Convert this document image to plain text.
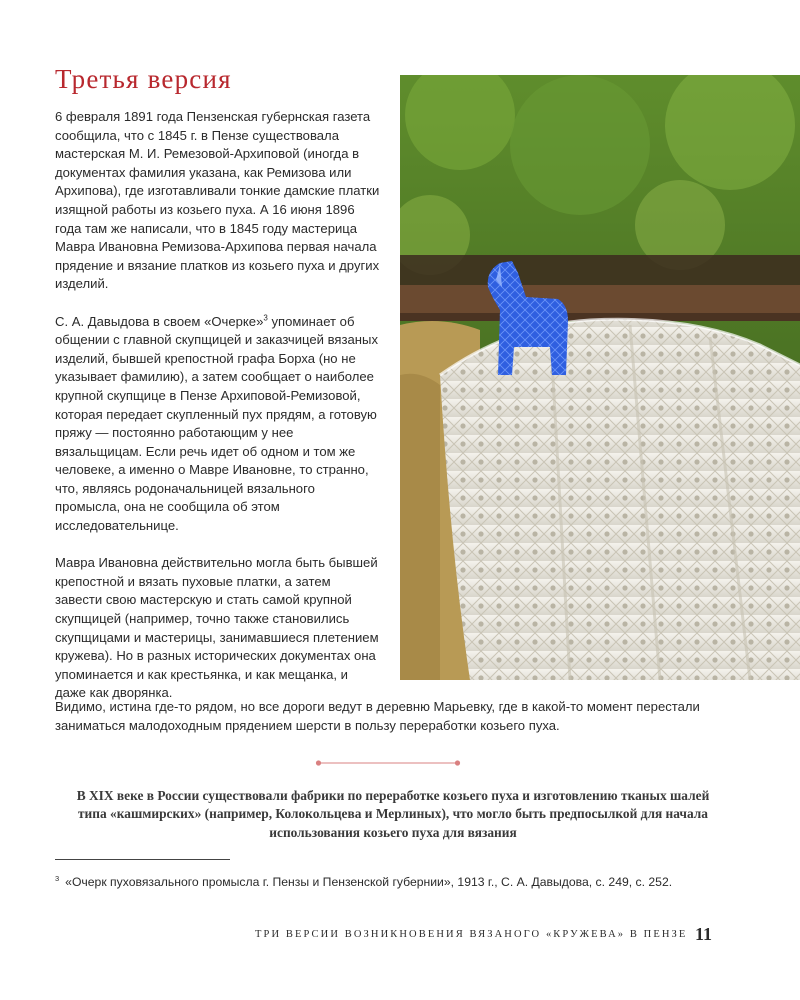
Третья версия

6 февраля 1891 года Пензенская губернская газета сообщила, что с 1845 г. в Пензе существовала мастерская М. И. Ремезовой-Архиповой (иногда в документах фамилия указана, как Ремизова или Архипова), где изготавливали тонкие дамские платки изящной работы из козьего пуха. А 16 июня 1896 года там же написали, что в 1845 году мастерица Мавра Ивановна Ремизова-Архипова первая начала прядение и вязание платков из козьего пуха и других изделий.

С. А. Давыдова в своем «Очерке»$^3$ упоминает об общении с главной скупщицей и заказчицей вязаных изделий, бывшей крепостной графа Борха (но не указывает фамилию), а затем сообщает о наиболее крупной скупщице в Пензе Архиповой-Ремизовой, которая передает скупленный пух прядям, а готовую пряжу — постоянно работающим у нее вязальщицам. Если речь идет об одном и том же человеке, а именно о Мавре Ивановне, то странно, что, являясь родоначальницей вязального промысла, она не сообщила об этом исследовательнице.

Мавра Ивановна действительно могла быть бывшей крепостной и вязать пуховые платки, а затем завести свою мастерскую и стать самой крупной скупщицей (например, точно также становились скупщицами и мастерицы, занимавшиеся плетением кружева). Но в разных исторических документах она упоминается и как крестьянка, и как мещанка, и даже как дворянка.

Видимо, истина где-то рядом, но все дороги ведут в деревню Марьевку, где в какой-то момент перестали заниматься малодоходным прядением шерсти в пользу переработки козьего пуха.

В XIX веке в России существовали фабрики по переработке козьего пуха и изготовлению тканых шалей типа «кашмирских» (например, Колокольцева и Мерлиных), что могло быть предпосылкой для начала использования козьего пуха для вязания

$^3$ «Очерк пуховязального промысла г. Пензы и Пензенской губернии», 1913 г., С. А. Давыдова, с. 249, с. 252.

ТРИ ВЕРСИИ ВОЗНИКНОВЕНИЯ ВЯЗАНОГО «КРУЖЕВА» В ПЕНЗЕ 11
